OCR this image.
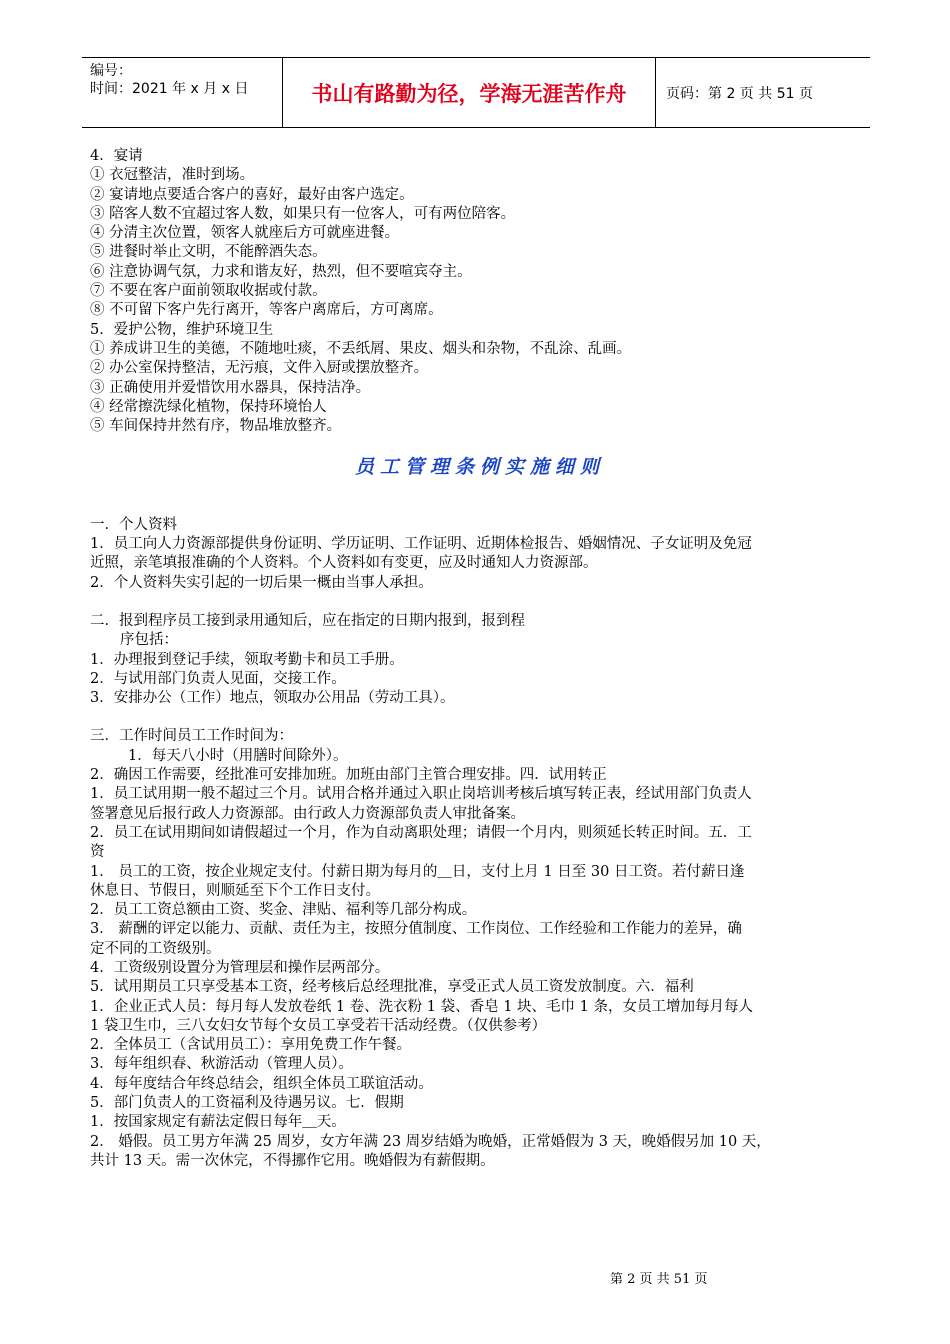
编号：
时间：2021 年 x 月 x 日	书山有路勤为径，学海无涯苦作舟	页码：第 2 页 共 51 页
4．宴请
① 衣冠整洁，准时到场。
② 宴请地点要适合客户的喜好，最好由客户选定。
③ 陪客人数不宜超过客人数，如果只有一位客人，可有两位陪客。
④ 分清主次位置，领客人就座后方可就座进餐。
⑤ 进餐时举止文明，不能醉酒失态。
⑥ 注意协调气氛，力求和谐友好，热烈，但不要喧宾夺主。
⑦ 不要在客户面前领取收据或付款。
⑧ 不可留下客户先行离开，等客户离席后，方可离席。
5．爱护公物，维护环境卫生
① 养成讲卫生的美德，不随地吐痰，不丢纸屑、果皮、烟头和杂物，不乱涂、乱画。
② 办公室保持整洁，无污痕，文件入厨或摆放整齐。
③ 正确使用并爱惜饮用水器具，保持洁净。
④ 经常擦洗绿化植物，保持环境怡人
⑤ 车间保持井然有序，物品堆放整齐。
员工管理条例实施细则
一．个人资料
1．员工向人力资源部提供身份证明、学历证明、工作证明、近期体检报告、婚姻情况、子女证明及免冠
近照，亲笔填报准确的个人资料。个人资料如有变更，应及时通知人力资源部。
2．个人资料失实引起的一切后果一概由当事人承担。
二．报到程序员工接到录用通知后，应在指定的日期内报到，报到程
序包括：
1．办理报到登记手续，领取考勤卡和员工手册。
2．与试用部门负责人见面，交接工作。
3．安排办公（工作）地点，领取办公用品（劳动工具）。
三．工作时间员工工作时间为：
1．每天八小时（用膳时间除外）。
2．确因工作需要，经批准可安排加班。加班由部门主管合理安排。四．试用转正
1．员工试用期一般不超过三个月。试用合格并通过入职止岗培训考核后填写转正表，经试用部门负责人
签署意见后报行政人力资源部。由行政人力资源部负责人审批备案。
2．员工在试用期间如请假超过一个月，作为自动离职处理；请假一个月内，则须延长转正时间。五．工
资
1． 员工的工资，按企业规定支付。付薪日期为每月的＿日，支付上月 1 日至 30 日工资。若付薪日逢
休息日、节假日，则顺延至下个工作日支付。
2．员工工资总额由工资、奖金、津贴、福利等几部分构成。
3． 薪酬的评定以能力、贡献、责任为主，按照分值制度、工作岗位、工作经验和工作能力的差异，确
定不同的工资级别。
4．工资级别设置分为管理层和操作层两部分。
5．试用期员工只享受基本工资，经考核后总经理批准，享受正式人员工资发放制度。六．福利
1．企业正式人员：每月每人发放卷纸 1 卷、洗衣粉 1 袋、香皂 1 块、毛巾 1 条，女员工增加每月每人
1 袋卫生巾，三八女妇女节每个女员工享受若干活动经费。（仅供参考）
2．全体员工（含试用员工）：享用免费工作午餐。
3．每年组织春、秋游活动（管理人员）。
4．每年度结合年终总结会，组织全体员工联谊活动。
5．部门负责人的工资福利及待遇另议。七．假期
1．按国家规定有薪法定假日每年＿天。
2． 婚假。员工男方年满 25 周岁，女方年满 23 周岁结婚为晚婚，正常婚假为 3 天，晚婚假另加 10 天，
共计 13 天。需一次休完，不得挪作它用。晚婚假为有薪假期。
第 2 页 共 51 页
